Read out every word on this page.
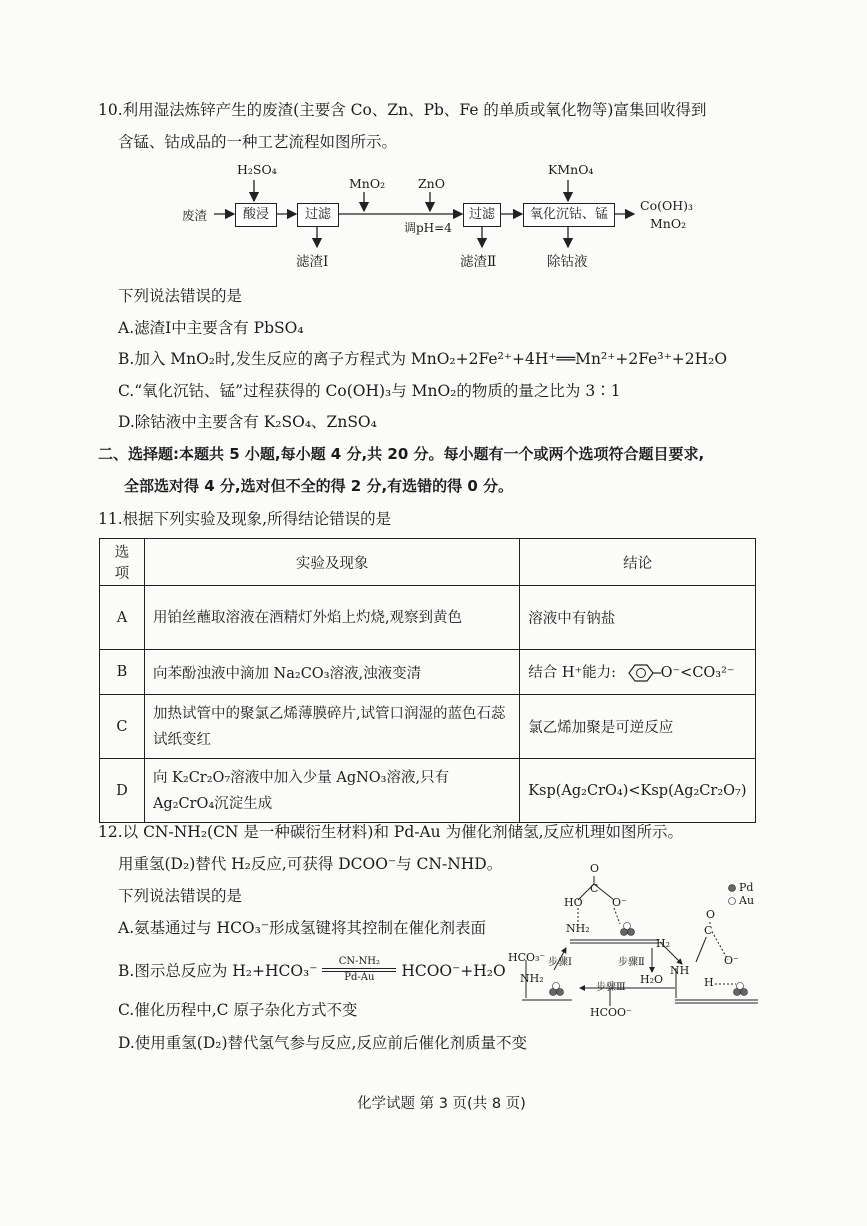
10.利用湿法炼锌产生的废渣(主要含 Co、Zn、Pb、Fe 的单质或氧化物等)富集回收得到
含锰、钴成品的一种工艺流程如图所示。
废渣
H₂SO₄
酸浸	过滤
滤渣Ⅰ
MnO₂	ZnO
调pH=4
过滤
滤渣Ⅱ
KMnO₄
氧化沉钴、锰
除钴液
Co(OH)₃
MnO₂
下列说法错误的是
A.滤渣Ⅰ中主要含有 PbSO₄
B.加入 MnO₂时,发生反应的离子方程式为 MnO₂+2Fe²⁺+4H⁺══Mn²⁺+2Fe³⁺+2H₂O
C.“氧化沉钴、锰”过程获得的 Co(OH)₃与 MnO₂的物质的量之比为 3∶1
D.除钴液中主要含有 K₂SO₄、ZnSO₄
二、选择题:本题共 5 小题,每小题 4 分,共 20 分。每小题有一个或两个选项符合题目要求,
全部选对得 4 分,选对但不全的得 2 分,有选错的得 0 分。
11.根据下列实验及现象,所得结论错误的是
选项	实验及现象	结论
A	用铂丝蘸取溶液在酒精灯外焰上灼烧,观察到黄色	溶液中有钠盐
B	向苯酚浊液中滴加 Na₂CO₃溶液,浊液变清	结合 H⁺能力: O⁻<CO₃²⁻
C	加热试管中的聚氯乙烯薄膜碎片,试管口润湿的蓝色石蕊试纸变红	氯乙烯加聚是可逆反应
D	向 K₂Cr₂O₇溶液中加入少量 AgNO₃溶液,只有 Ag₂CrO₄沉淀生成	Ksp(Ag₂CrO₄)<Ksp(Ag₂Cr₂O₇)
12.以 CN-NH₂(CN 是一种碳衍生材料)和 Pd-Au 为催化剂储氢,反应机理如图所示。
用重氢(D₂)替代 H₂反应,可获得 DCOO⁻与 CN-NHD。
下列说法错误的是
A.氨基通过与 HCO₃⁻形成氢键将其控制在催化剂表面
B.图示总反应为 $H_2+HCO_3^- \frac{\text{CN-NH₂}}{Pd-Au}$ HCOO⁻+H₂O
C.催化历程中,C 原子杂化方式不变
D.使用重氢(D₂)替代氢气参与反应,反应前后催化剂质量不变
O
C
HO	O⁻
NH₂
Pd
Au
HCO₃⁻ 步骤Ⅰ	步骤Ⅱ
H₂
NH₂
NH
O
C
O⁻
H
步骤Ⅲ
H₂O
HCOO⁻
化学试题 第 3 页(共 8 页)
